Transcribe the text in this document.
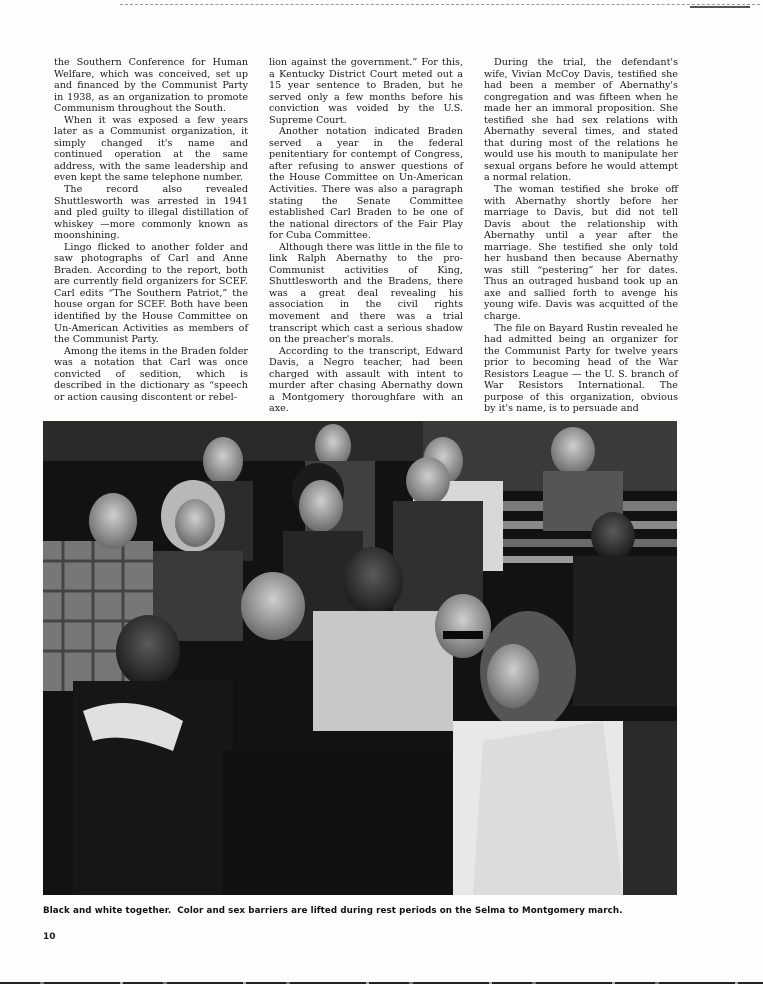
the Southern Conference for Human Welfare, which was conceived, set up and financed by the Communist Party in 1938, as an organization to promote Communism throughout the South.

When it was exposed a few years later as a Communist organization, it simply changed it's name and continued operation at the same address, with the same leadership and even kept the same telephone number.

The record also revealed Shuttlesworth was arrested in 1941 and pled guilty to illegal distillation of whiskey —more commonly known as moonshining.

Lingo flicked to another folder and saw photographs of Carl and Anne Braden. According to the report, both are currently field organizers for SCEF. Carl edits “The Southern Patriot,” the house organ for SCEF. Both have been identified by the House Committee on Un-American Activities as members of the Communist Party.

Among the items in the Braden folder was a notation that Carl was once convicted of sedition, which is described in the dictionary as “speech or action causing discontent or rebel-

lion against the government.” For this, a Kentucky District Court meted out a 15 year sentence to Braden, but he served only a few months before his conviction was voided by the U.S. Supreme Court.

Another notation indicated Braden served a year in the federal penitentiary for contempt of Congress, after refusing to answer questions of the House Committee on Un-American Activities. There was also a paragraph stating the Senate Committee established Carl Braden to be one of the national directors of the Fair Play for Cuba Committee.

Although there was little in the file to link Ralph Abernathy to the pro-Communist activities of King, Shuttlesworth and the Bradens, there was a great deal revealing his association in the civil rights movement and there was a trial transcript which cast a serious shadow on the preacher's morals.

According to the transcript, Edward Davis, a Negro teacher, had been charged with assault with intent to murder after chasing Abernathy down a Montgomery thoroughfare with an axe.

During the trial, the defendant's wife, Vivian McCoy Davis, testified she had been a member of Abernathy's congregation and was fifteen when he made her an immoral proposition. She testified she had sex relations with Abernathy several times, and stated that during most of the relations he would use his mouth to manipulate her sexual organs before he would attempt a normal relation.

The woman testified she broke off with Abernathy shortly before her marriage to Davis, but did not tell Davis about the relationship with Abernathy until a year after the marriage. She testified she only told her husband then because Abernathy was still “pestering” her for dates. Thus an outraged husband took up an axe and sallied forth to avenge his young wife. Davis was acquitted of the charge.

The file on Bayard Rustin revealed he had admitted being an organizer for the Communist Party for twelve years prior to becoming head of the War Resistors League — the U. S. branch of War Resistors International. The purpose of this organization, obvious by it's name, is to persuade and

Black and white together. Color and sex barriers are lifted during rest periods on the Selma to Montgomery march.
10
